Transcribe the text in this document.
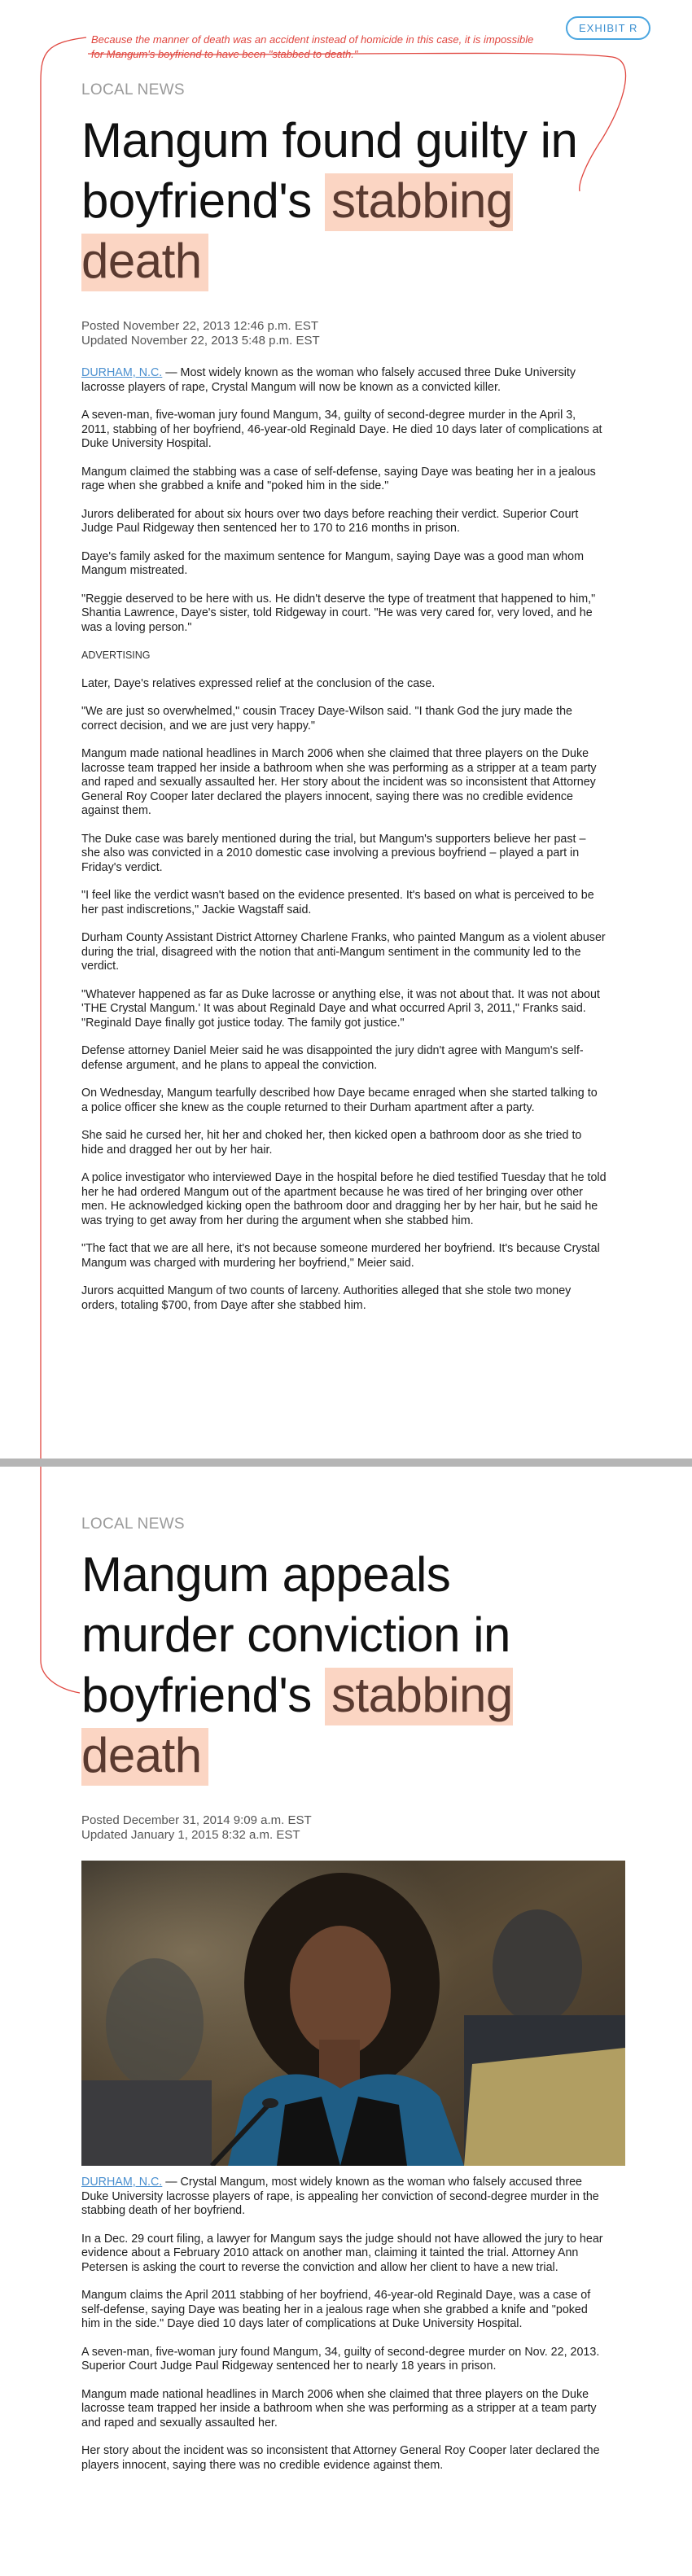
Because the manner of death was an accident instead of homicide in this case, it is impossible for Mangum's boyfriend to have been "stabbed to death."
EXHIBIT R
LOCAL NEWS
Mangum found guilty in boyfriend's stabbing death
Posted November 22, 2013 12:46 p.m. EST
Updated November 22, 2013 5:48 p.m. EST

DURHAM, N.C. — Most widely known as the woman who falsely accused three Duke University lacrosse players of rape, Crystal Mangum will now be known as a convicted killer.

A seven-man, five-woman jury found Mangum, 34, guilty of second-degree murder in the April 3, 2011, stabbing of her boyfriend, 46-year-old Reginald Daye. He died 10 days later of complications at Duke University Hospital.

Mangum claimed the stabbing was a case of self-defense, saying Daye was beating her in a jealous rage when she grabbed a knife and "poked him in the side."

Jurors deliberated for about six hours over two days before reaching their verdict. Superior Court Judge Paul Ridgeway then sentenced her to 170 to 216 months in prison.

Daye's family asked for the maximum sentence for Mangum, saying Daye was a good man whom Mangum mistreated.

"Reggie deserved to be here with us. He didn't deserve the type of treatment that happened to him," Shantia Lawrence, Daye's sister, told Ridgeway in court. "He was very cared for, very loved, and he was a loving person."

ADVERTISING

Later, Daye's relatives expressed relief at the conclusion of the case.

"We are just so overwhelmed," cousin Tracey Daye-Wilson said. "I thank God the jury made the correct decision, and we are just very happy."

Mangum made national headlines in March 2006 when she claimed that three players on the Duke lacrosse team trapped her inside a bathroom when she was performing as a stripper at a team party and raped and sexually assaulted her. Her story about the incident was so inconsistent that Attorney General Roy Cooper later declared the players innocent, saying there was no credible evidence against them.

The Duke case was barely mentioned during the trial, but Mangum's supporters believe her past – she also was convicted in a 2010 domestic case involving a previous boyfriend – played a part in Friday's verdict.

"I feel like the verdict wasn't based on the evidence presented. It's based on what is perceived to be her past indiscretions," Jackie Wagstaff said.

Durham County Assistant District Attorney Charlene Franks, who painted Mangum as a violent abuser during the trial, disagreed with the notion that anti-Mangum sentiment in the community led to the verdict.

"Whatever happened as far as Duke lacrosse or anything else, it was not about that. It was not about 'THE Crystal Mangum.' It was about Reginald Daye and what occurred April 3, 2011," Franks said. "Reginald Daye finally got justice today. The family got justice."

Defense attorney Daniel Meier said he was disappointed the jury didn't agree with Mangum's self-defense argument, and he plans to appeal the conviction.

On Wednesday, Mangum tearfully described how Daye became enraged when she started talking to a police officer she knew as the couple returned to their Durham apartment after a party.

She said he cursed her, hit her and choked her, then kicked open a bathroom door as she tried to hide and dragged her out by her hair.

A police investigator who interviewed Daye in the hospital before he died testified Tuesday that he told her he had ordered Mangum out of the apartment because he was tired of her bringing over other men. He acknowledged kicking open the bathroom door and dragging her by her hair, but he said he was trying to get away from her during the argument when she stabbed him.

"The fact that we are all here, it's not because someone murdered her boyfriend. It's because Crystal Mangum was charged with murdering her boyfriend," Meier said.

Jurors acquitted Mangum of two counts of larceny. Authorities alleged that she stole two money orders, totaling $700, from Daye after she stabbed him.

LOCAL NEWS
Mangum appeals murder conviction in boyfriend's stabbing death
Posted December 31, 2014 9:09 a.m. EST
Updated January 1, 2015 8:32 a.m. EST

DURHAM, N.C. — Crystal Mangum, most widely known as the woman who falsely accused three Duke University lacrosse players of rape, is appealing her conviction of second-degree murder in the stabbing death of her boyfriend.

In a Dec. 29 court filing, a lawyer for Mangum says the judge should not have allowed the jury to hear evidence about a February 2010 attack on another man, claiming it tainted the trial. Attorney Ann Petersen is asking the court to reverse the conviction and allow her client to have a new trial.

Mangum claims the April 2011 stabbing of her boyfriend, 46-year-old Reginald Daye, was a case of self-defense, saying Daye was beating her in a jealous rage when she grabbed a knife and "poked him in the side." Daye died 10 days later of complications at Duke University Hospital.

A seven-man, five-woman jury found Mangum, 34, guilty of second-degree murder on Nov. 22, 2013. Superior Court Judge Paul Ridgeway sentenced her to nearly 18 years in prison.

Mangum made national headlines in March 2006 when she claimed that three players on the Duke lacrosse team trapped her inside a bathroom when she was performing as a stripper at a team party and raped and sexually assaulted her.

Her story about the incident was so inconsistent that Attorney General Roy Cooper later declared the players innocent, saying there was no credible evidence against them.
